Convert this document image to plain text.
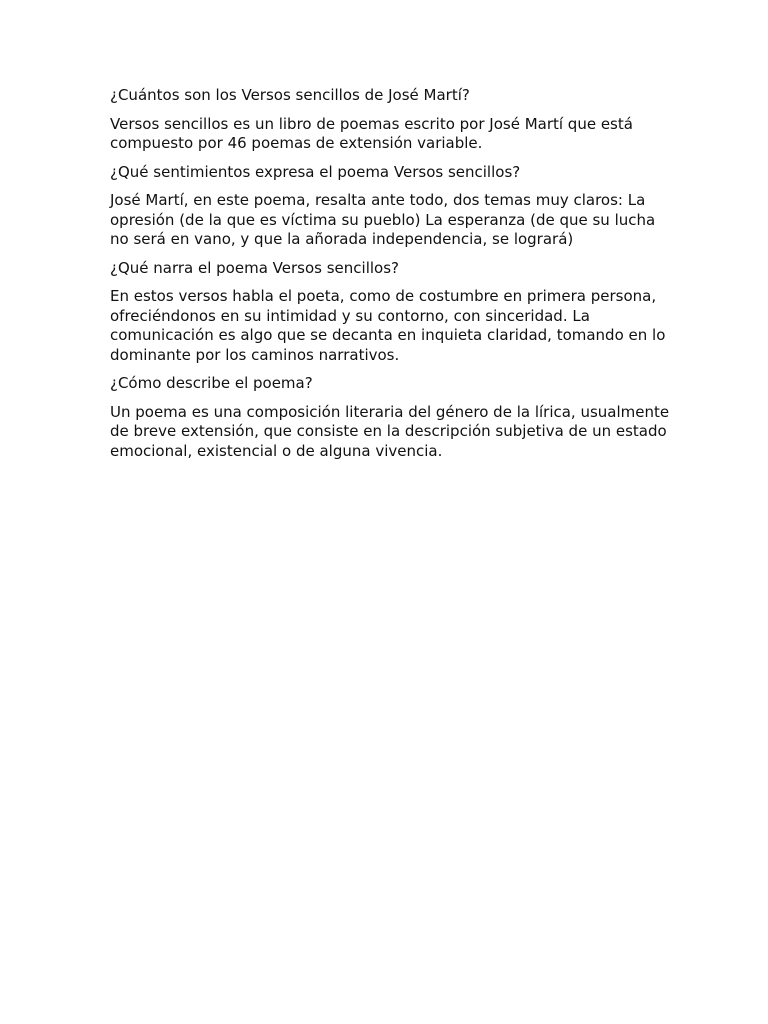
¿Cuántos son los Versos sencillos de José Martí?

Versos sencillos es un libro de poemas escrito por José Martí que está compuesto por 46 poemas de extensión variable.

¿Qué sentimientos expresa el poema Versos sencillos?

José Martí, en este poema, resalta ante todo, dos temas muy claros: La opresión (de la que es víctima su pueblo) La esperanza (de que su lucha no será en vano, y que la añorada independencia, se logrará)

¿Qué narra el poema Versos sencillos?

En estos versos habla el poeta, como de costumbre en primera persona, ofreciéndonos en su intimidad y su contorno, con sinceridad. La comunicación es algo que se decanta en inquieta claridad, tomando en lo dominante por los caminos narrativos.

¿Cómo describe el poema?

Un poema es una composición literaria del género de la lírica, usualmente de breve extensión, que consiste en la descripción subjetiva de un estado emocional, existencial o de alguna vivencia.
